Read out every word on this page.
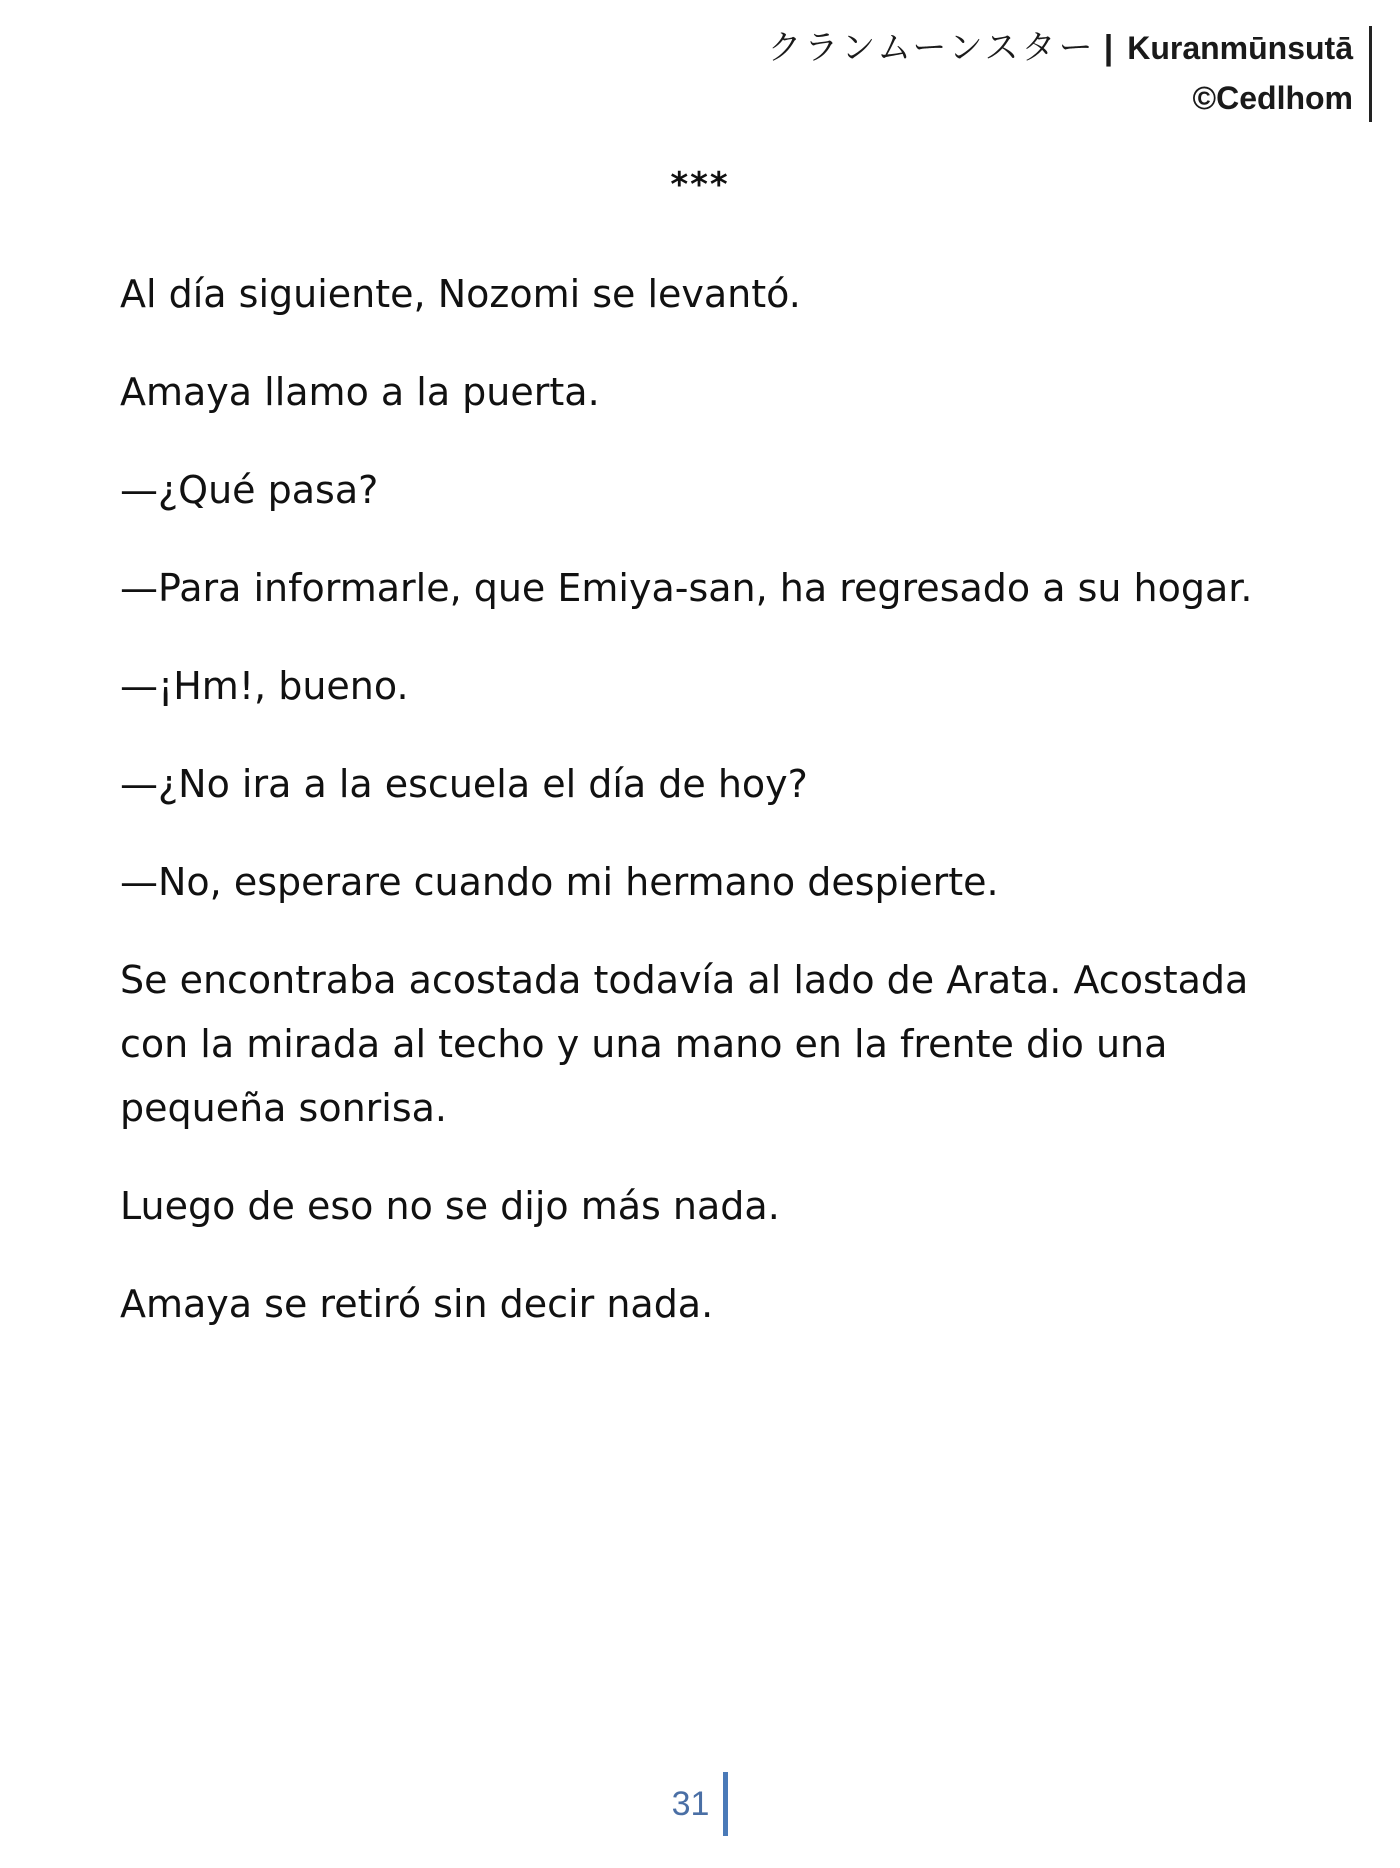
クランムーンスター | Kuranmūnsutā
©Cedlhom
***

Al día siguiente, Nozomi se levantó.

Amaya llamo a la puerta.

—¿Qué pasa?

—Para informarle, que Emiya-san, ha regresado a su hogar.

—¡Hm!, bueno.

—¿No ira a la escuela el día de hoy?

—No, esperare cuando mi hermano despierte.

Se encontraba acostada todavía al lado de Arata. Acostada con la mirada al techo y una mano en la frente dio una pequeña sonrisa.

Luego de eso no se dijo más nada.

Amaya se retiró sin decir nada.

31
